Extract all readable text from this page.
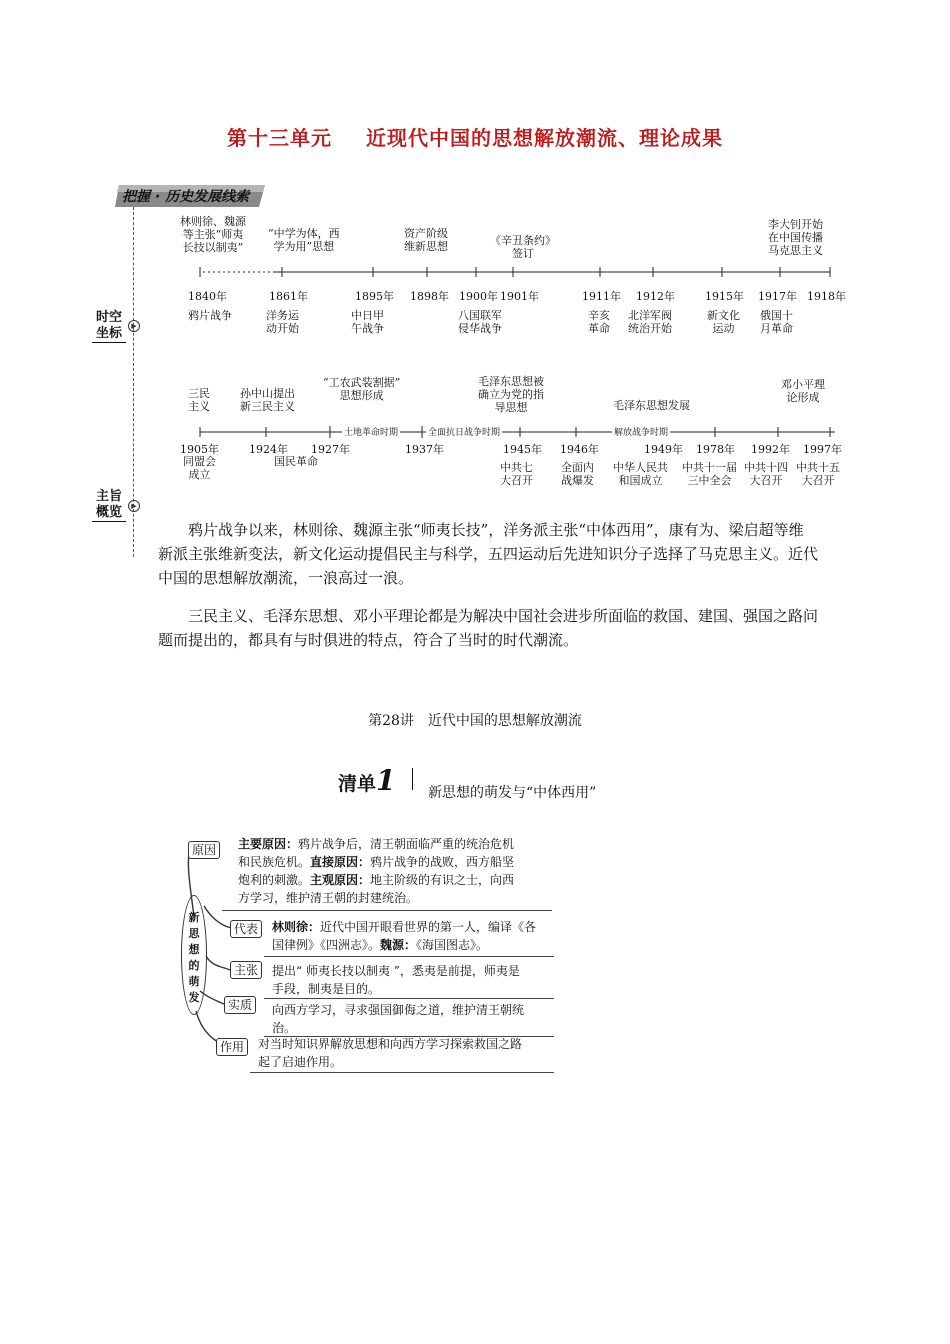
第十三单元 近现代中国的思想解放潮流、理论成果
把握 · 历史发展线索
时空
坐标	▶
主旨
概览	▶
林则徐、魏源
等主张“师夷
长技以制夷”
“中学为体，西
学为用”思想
资产阶级
维新思想	《辛丑条约》
签订
李大钊开始
在中国传播
马克思主义
1840年	1861年	1895年 1898年 1900年 1901年	1911年 1912年	1915年 1917年 1918年
鸦片战争	洋务运
动开始
中日甲
午战争
八国联军
侵华战争
辛亥
革命
北洋军阀
统治开始
新文化
运动
俄国十
月革命
三民
主义
孙中山提出
新三民主义
“工农武装割据”
思想形成
毛泽东思想被
确立为党的指
导思想	毛泽东思想发展
邓小平理
论形成
土地革命时期	全面抗日战争时期	解放战争时期
1905年	1924年 1927年	1937年	1945年 1946年	1949年 1978年 1992年 1997年
同盟会
成立
国民革命	中共七
大召开
全面内
战爆发
中华人民共
和国成立
中共十一届
三中全会
中共十四
大召开
中共十五
大召开

鸦片战争以来，林则徐、魏源主张“师夷长技”，洋务派主张“中体西用”，康有为、梁启超等维新派主张维新变法，新文化运动提倡民主与科学，五四运动后先进知识分子选择了马克思主义。近代中国的思想解放潮流，一浪高过一浪。

三民主义、毛泽东思想、邓小平理论都是为解决中国社会进步所面临的救国、建国、强国之路问题而提出的，都具有与时俱进的特点，符合了当时的时代潮流。

第28讲　近代中国的思想解放潮流
清单1 新思想的萌发与“中体西用”
新
思
想
的
萌
发
原因	主要原因：鸦片战争后，清王朝面临严重的统治危机
和民族危机。直接原因：鸦片战争的战败，西方船坚
炮利的刺激。主观原因：地主阶级的有识之士，向西
方学习，维护清王朝的封建统治。
代表	林则徐：近代中国开眼看世界的第一人，编译《各
国律例》《四洲志》。魏源：《海国图志》。
主张	提出“ 师夷长技以制夷 ”，悉夷是前提，师夷是
手段，制夷是目的。
实质	向西方学习，寻求强国御侮之道，维护清王朝统
治。
作用	对当时知识界解放思想和向西方学习探索救国之路
起了启迪作用。
